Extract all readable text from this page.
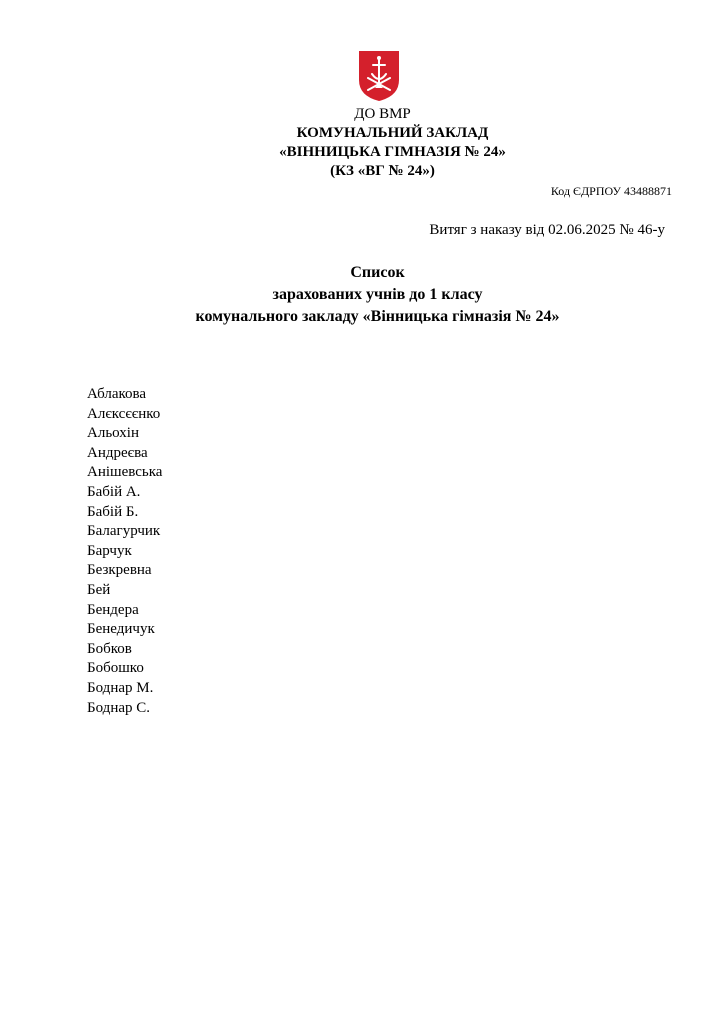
ДО ВМР
КОМУНАЛЬНИЙ ЗАКЛАД
«ВІННИЦЬКА ГІМНАЗІЯ № 24»
(КЗ «ВГ № 24»)
Код ЄДРПОУ 43488871
Витяг з наказу від 02.06.2025 № 46-у
Список
зарахованих учнів до 1 класу
комунального закладу «Вінницька гімназія № 24»
Аблакова
Алєксєєнко
Альохін
Андреєва
Анішевська
Бабій А.
Бабій Б.
Балагурчик
Барчук
Безкревна
Бей
Бендера
Бенедичук
Бобков
Бобошко
Боднар М.
Боднар С.
